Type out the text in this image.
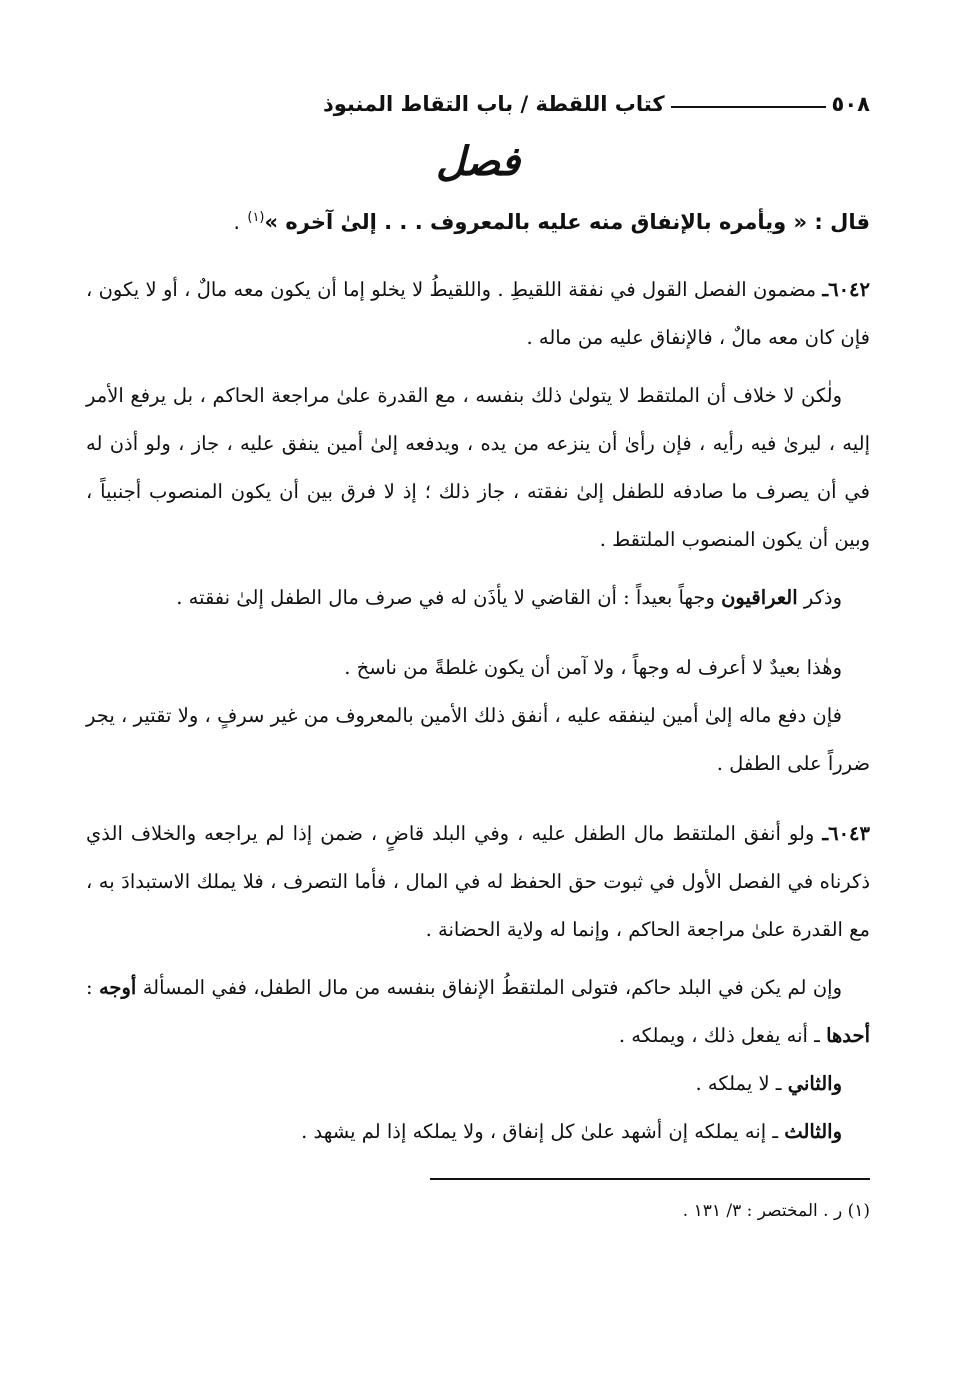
٥٠٨
كتاب اللقطة / باب التقاط المنبوذ
فصل
قال : « ويأمره بالإنفاق منه عليه بالمعروف . . . إلىٰ آخره »$^{(١)}$ .

٦٠٤٢ـ مضمون الفصل القول في نفقة اللقيطِ . واللقيطُ لا يخلو إما أن يكون معه مالٌ ، أو لا يكون ، فإن كان معه مالٌ ، فالإنفاق عليه من ماله .

ولٰكن لا خلاف أن الملتقط لا يتولىٰ ذلك بنفسه ، مع القدرة علىٰ مراجعة الحاكم ، بل يرفع الأمر إليه ، ليرىٰ فيه رأيه ، فإن رأىٰ أن ينزعه من يده ، ويدفعه إلىٰ أمين ينفق عليه ، جاز ، ولو أذن له في أن يصرف ما صادفه للطفل إلىٰ نفقته ، جاز ذلك ؛ إذ لا فرق بين أن يكون المنصوب أجنبياً ، وبين أن يكون المنصوب الملتقط .

وذكر العراقيون وجهاً بعيداً : أن القاضي لا يأذَن له في صرف مال الطفل إلىٰ نفقته .

وهٰذا بعيدٌ لا أعرف له وجهاً ، ولا آمن أن يكون غلطةً من ناسخ .

فإن دفع ماله إلىٰ أمين لينفقه عليه ، أنفق ذلك الأمين بالمعروف من غير سرفٍ ، ولا تقتير ، يجر ضرراً على الطفل .

٦٠٤٣ـ ولو أنفق الملتقط مال الطفل عليه ، وفي البلد قاضٍ ، ضمن إذا لم يراجعه والخلاف الذي ذكرناه في الفصل الأول في ثبوت حق الحفظ له في المال ، فأما التصرف ، فلا يملك الاستبدادَ به ، مع القدرة علىٰ مراجعة الحاكم ، وإنما له ولاية الحضانة .

وإن لم يكن في البلد حاكم، فتولى الملتقطُ الإنفاق بنفسه من مال الطفل، ففي المسألة أوجه : أحدها ـ أنه يفعل ذلك ، ويملكه .

والثاني ـ لا يملكه .

والثالث ـ إنه يملكه إن أشهد علىٰ كل إنفاق ، ولا يملكه إذا لم يشهد .

(١) ر . المختصر : ٣/ ١٣١ .
